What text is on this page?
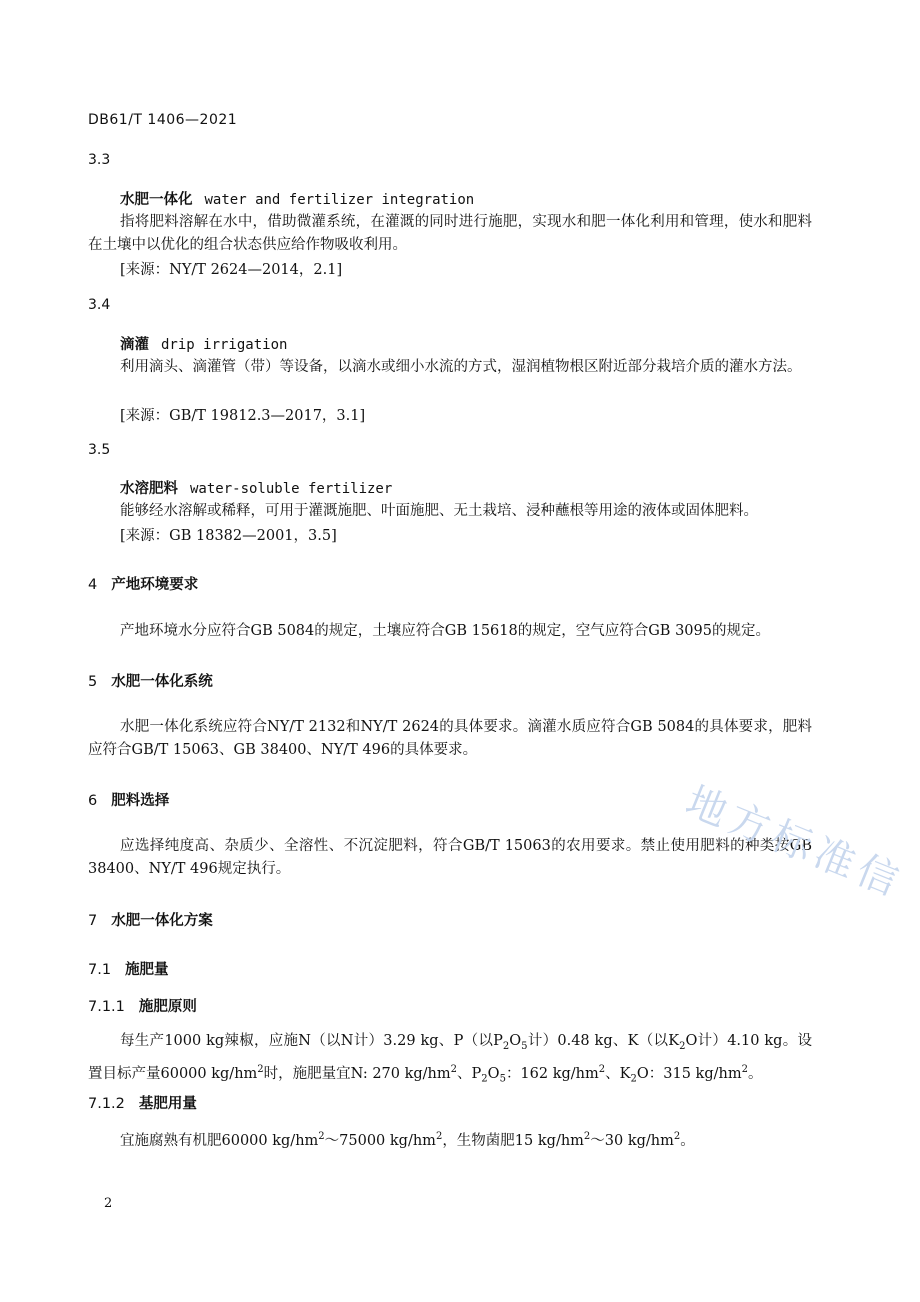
DB61/T 1406—2021
3.3
水肥一体化 water and fertilizer integration
指将肥料溶解在水中，借助微灌系统，在灌溉的同时进行施肥，实现水和肥一体化利用和管理，使水和肥料在土壤中以优化的组合状态供应给作物吸收利用。
[来源：NY/T 2624—2014，2.1]
3.4
滴灌 drip irrigation
利用滴头、滴灌管（带）等设备，以滴水或细小水流的方式，湿润植物根区附近部分栽培介质的灌水方法。
[来源：GB/T 19812.3—2017，3.1]
3.5
水溶肥料 water-soluble fertilizer
能够经水溶解或稀释，可用于灌溉施肥、叶面施肥、无土栽培、浸种蘸根等用途的液体或固体肥料。
[来源：GB 18382—2001，3.5]
4 产地环境要求
产地环境水分应符合GB 5084的规定，土壤应符合GB 15618的规定，空气应符合GB 3095的规定。
5 水肥一体化系统
水肥一体化系统应符合NY/T 2132和NY/T 2624的具体要求。滴灌水质应符合GB 5084的具体要求，肥料应符合GB/T 15063、GB 38400、NY/T 496的具体要求。
6 肥料选择
应选择纯度高、杂质少、全溶性、不沉淀肥料，符合GB/T 15063的农用要求。禁止使用肥料的种类按GB 38400、NY/T 496规定执行。
7 水肥一体化方案
7.1 施肥量
7.1.1 施肥原则
每生产1000 kg辣椒，应施N（以N计）3.29 kg、P（以$P_2O_5$计）0.48 kg、K（以$K_2O$计）4.10 kg。设置目标产量60000 $kg/hm^2$时，施肥量宜N: 270 $kg/hm^2$、$P_2O_5$：162 $kg/hm^2$、$K_2O$：315 $kg/hm^2$。
7.1.2 基肥用量
宜施腐熟有机肥60000 $kg/hm^2\sim 75000$ $kg/hm^2$，生物菌肥15 $kg/hm^2\sim 30$ $kg/hm^2$。
2
地方标准信
